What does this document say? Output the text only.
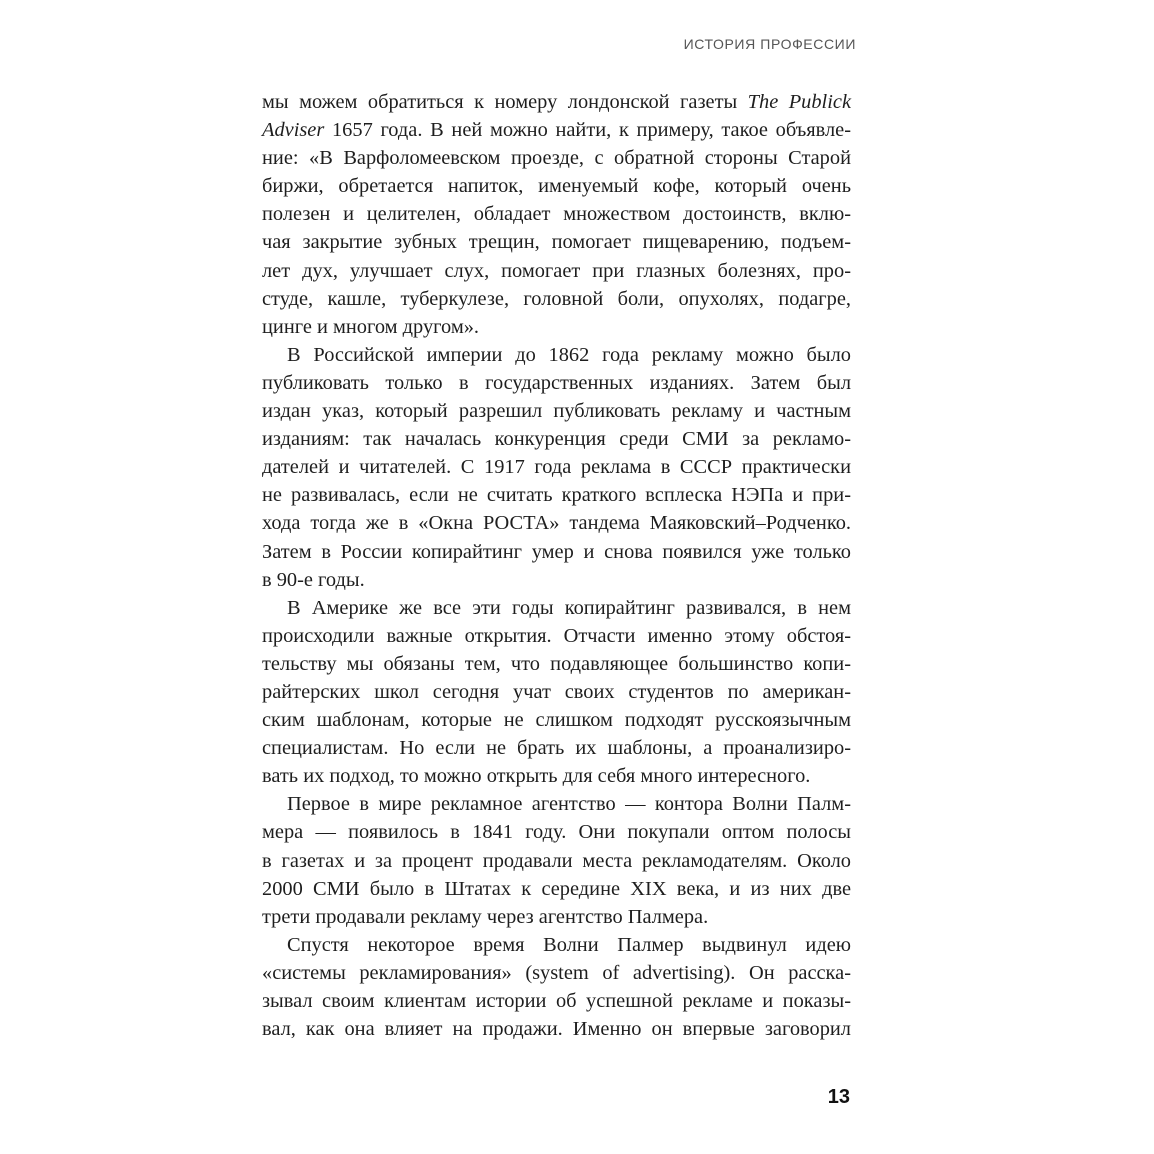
ИСТОРИЯ ПРОФЕССИИ
мы можем обратиться к номеру лондонской газеты The Publick
Adviser 1657 года. В ней можно найти, к примеру, такое объявле-
ние: «В Варфоломеевском проезде, с обратной стороны Старой
биржи, обретается напиток, именуемый кофе, который очень
полезен и целителен, обладает множеством достоинств, вклю-
чая закрытие зубных трещин, помогает пищеварению, подъем-
лет дух, улучшает слух, помогает при глазных болезнях, про-
студе, кашле, туберкулезе, головной боли, опухолях, подагре,
цинге и многом другом».
В Российской империи до 1862 года рекламу можно было
публиковать только в государственных изданиях. Затем был
издан указ, который разрешил публиковать рекламу и частным
изданиям: так началась конкуренция среди СМИ за рекламо-
дателей и читателей. С 1917 года реклама в СССР практически
не развивалась, если не считать краткого всплеска НЭПа и при-
хода тогда же в «Окна РОСТА» тандема Маяковский–Родченко.
Затем в России копирайтинг умер и снова появился уже только
в 90-е годы.
В Америке же все эти годы копирайтинг развивался, в нем
происходили важные открытия. Отчасти именно этому обстоя-
тельству мы обязаны тем, что подавляющее большинство копи-
райтерских школ сегодня учат своих студентов по американ-
ским шаблонам, которые не слишком подходят русскоязычным
специалистам. Но если не брать их шаблоны, а проанализиро-
вать их подход, то можно открыть для себя много интересного.
Первое в мире рекламное агентство — контора Волни Палм-
мера — появилось в 1841 году. Они покупали оптом полосы
в газетах и за процент продавали места рекламодателям. Около
2000 СМИ было в Штатах к середине XIX века, и из них две
трети продавали рекламу через агентство Палмера.
Спустя некоторое время Волни Палмер выдвинул идею
«системы рекламирования» (system of advertising). Он расска-
зывал своим клиентам истории об успешной рекламе и показы-
вал, как она влияет на продажи. Именно он впервые заговорил
13
